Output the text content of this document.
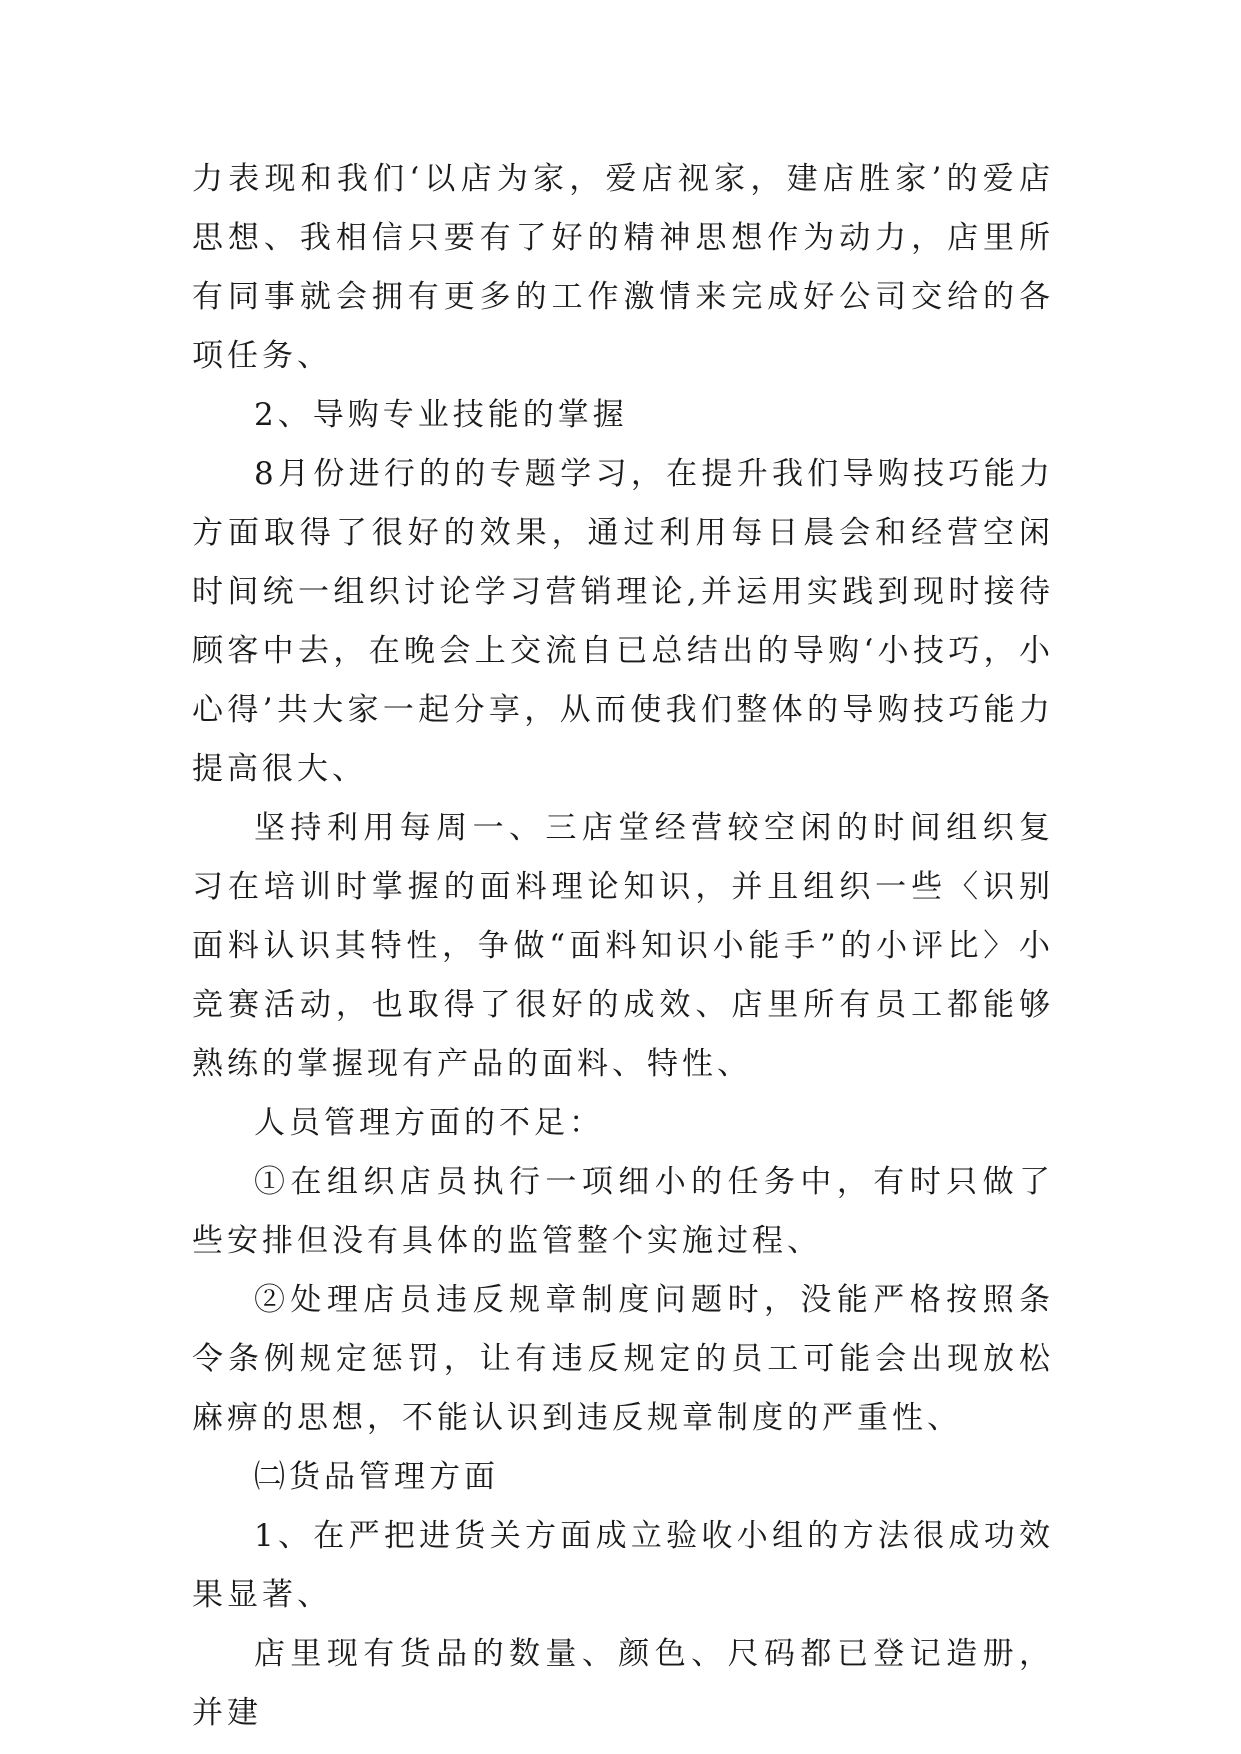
力表现和我们‘以店为家，爱店视家，建店胜家’的爱店思想、我相信只要有了好的精神思想作为动力，店里所有同事就会拥有更多的工作激情来完成好公司交给的各项任务、

2、导购专业技能的掌握

8月份进行的的专题学习，在提升我们导购技巧能力方面取得了很好的效果，通过利用每日晨会和经营空闲时间统一组织讨论学习营销理论,并运用实践到现时接待顾客中去，在晚会上交流自已总结出的导购‘小技巧，小心得’共大家一起分享，从而使我们整体的导购技巧能力提高很大、

坚持利用每周一、三店堂经营较空闲的时间组织复习在培训时掌握的面料理论知识，并且组织一些〈识别面料认识其特性，争做“面料知识小能手”的小评比〉小竞赛活动，也取得了很好的成效、店里所有员工都能够熟练的掌握现有产品的面料、特性、

人员管理方面的不足：

①在组织店员执行一项细小的任务中，有时只做了些安排但没有具体的监管整个实施过程、

②处理店员违反规章制度问题时，没能严格按照条令条例规定惩罚，让有违反规定的员工可能会出现放松麻痹的思想，不能认识到违反规章制度的严重性、

㈡货品管理方面

1、在严把进货关方面成立验收小组的方法很成功效果显著、

店里现有货品的数量、颜色、尺码都已登记造册，并建
